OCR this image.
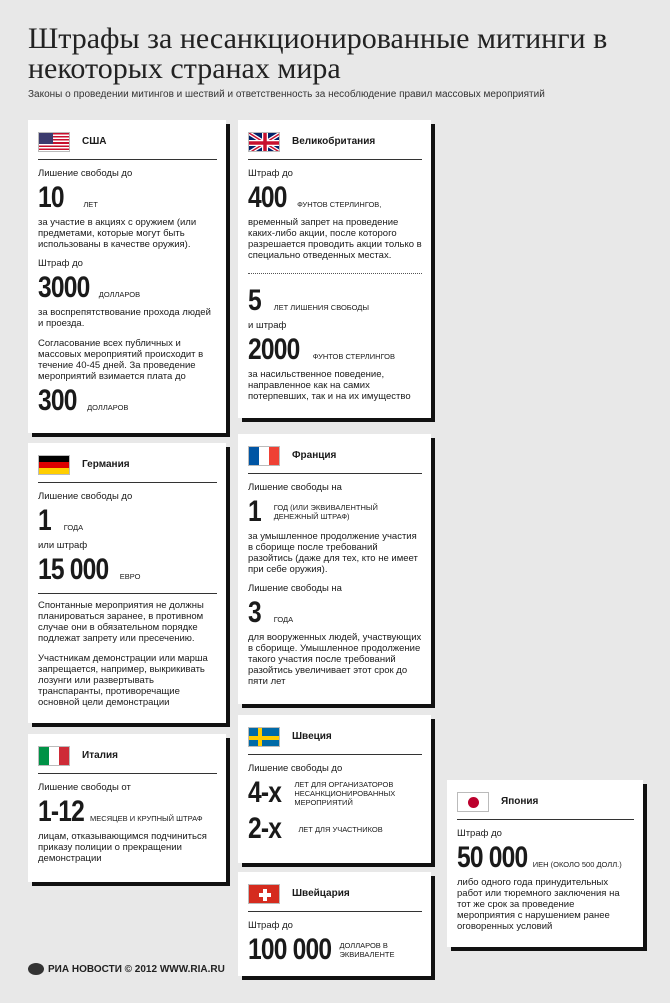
Штрафы за несанкционированные митинги в некоторых странах мира
Законы о проведении митингов и шествий и ответственность за несоблюдение правил массовых мероприятий
США
Лишение свободы до
10	ЛЕТ
за участие в акциях с оружием (или предметами, которые могут быть использованы в качестве оружия).
Штраф до
3000 ДОЛЛАРОВ
за воспрепятствование прохода людей и проезда.
Согласование всех публичных и массовых мероприятий происходит в течение 40-45 дней. За проведение мероприятий взимается плата до
300 ДОЛЛАРОВ
Великобритания
Штраф до
400 ФУНТОВ СТЕРЛИНГОВ,
временный запрет на проведение каких-либо акции, после которого разрешается проводить акции только в специально отведенных местах.
5 ЛЕТ ЛИШЕНИЯ СВОБОДЫ
и штраф
2000 ФУНТОВ СТЕРЛИНГОВ
за насильственное поведение, направленное как на самих потерпевших, так и на их имущество
Германия
Лишение свободы до
1 ГОДА
или штраф
15 000 ЕВРО
Спонтанные мероприятия не должны планироваться заранее, в противном случае они в обязательном порядке подлежат запрету или пресечению.
Участникам демонстрации или марша запрещается, например, выкрикивать лозунги или развертывать транспаранты, противоречащие основной цели демонстрации
Франция
Лишение свободы на
1 ГОД (ИЛИ ЭКВИВАЛЕНТНЫЙ ДЕНЕЖНЫЙ ШТРАФ)
за умышленное продолжение участия в сборище после требований разойтись (даже для тех, кто не имеет при себе оружия).
Лишение свободы на
3 ГОДА
для вооруженных людей, участвующих в сборище. Умышленное продолжение такого участия после требований разойтись увеличивает этот срок до пяти лет
Италия
Лишение свободы от
1-12 МЕСЯЦЕВ И КРУПНЫЙ ШТРАФ
лицам, отказывающимся подчиниться приказу полиции о прекращении демонстрации
Швеция
Лишение свободы до
4-х ЛЕТ ДЛЯ ОРГАНИЗАТОРОВ НЕСАНКЦИОНИРОВАННЫХ МЕРОПРИЯТИЙ
2-х ЛЕТ ДЛЯ УЧАСТНИКОВ
Швейцария
Штраф до
100 000 ДОЛЛАРОВ В ЭКВИВАЛЕНТЕ
Япония
Штраф до
50 000 ИЕН (ОКОЛО 500 ДОЛЛ.)
либо одного года принудительных работ или тюремного заключения на тот же срок за проведение мероприятия с нарушением ранее оговоренных условий
РИА НОВОСТИ © 2012 WWW.RIA.RU
